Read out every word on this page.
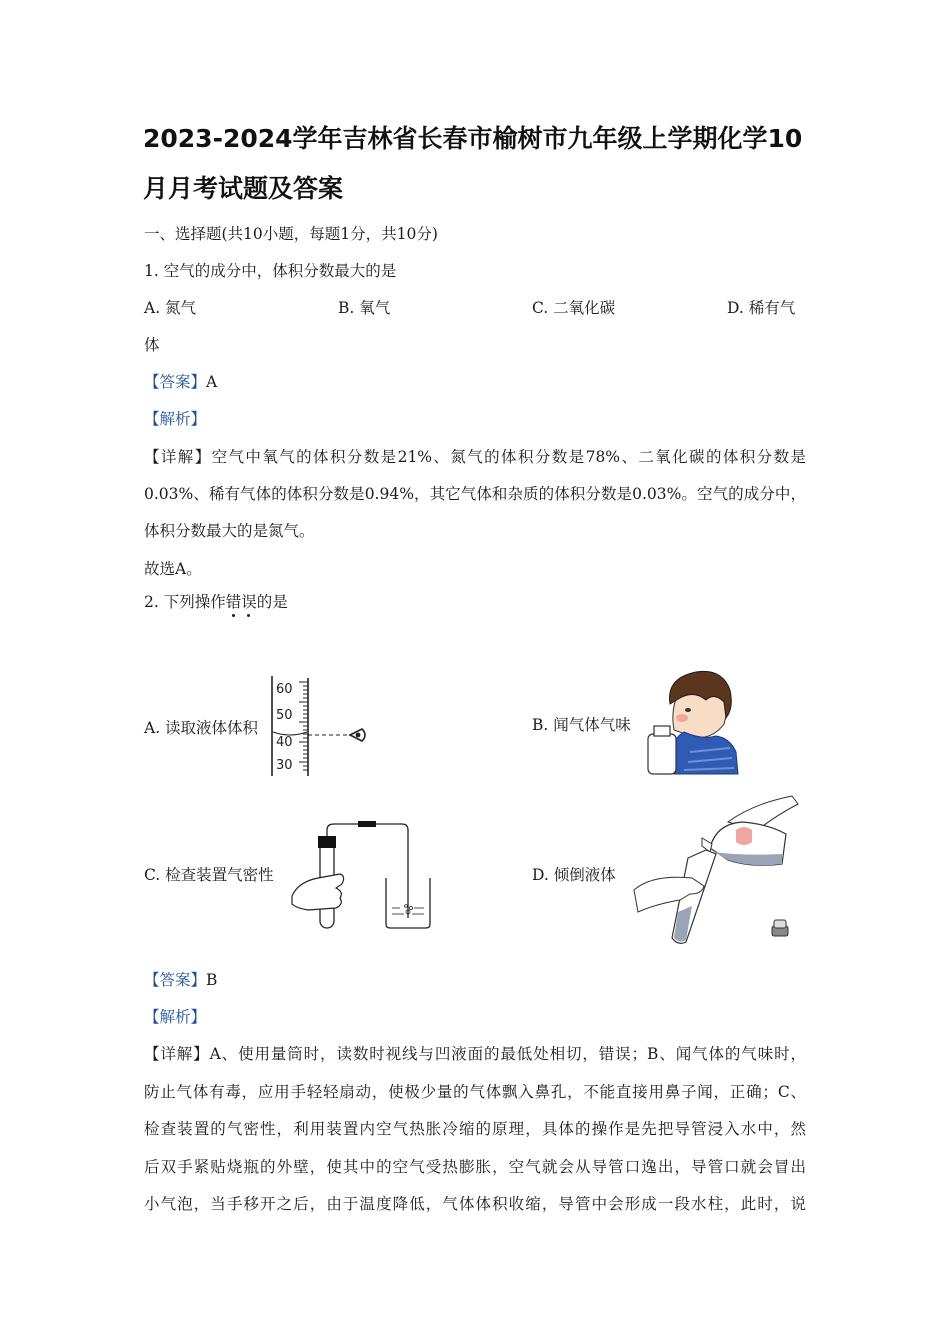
2023-2024学年吉林省长春市榆树市九年级上学期化学10
月月考试题及答案
一、选择题(共10小题，每题1分，共10分)
1. 空气的成分中，体积分数最大的是
A. 氮气	B. 氧气	C. 二氧化碳	D. 稀有气
体
【答案】A
【解析】
【详解】空气中氧气的体积分数是21%、氮气的体积分数是78%、二氧化碳的体积分数是
0.03%、稀有气体的体积分数是0.94%，其它气体和杂质的体积分数是0.03%。空气的成分中，
体积分数最大的是氮气。
故选A。
2. 下列操作错误的是
A. 读取液体体积	B. 闻气体气味
C. 检查装置气密性	D. 倾倒液体
60
50
40
30
【答案】B
【解析】
【详解】A、使用量筒时，读数时视线与凹液面的最低处相切，错误；B、闻气体的气味时，
防止气体有毒，应用手轻轻扇动，使极少量的气体飘入鼻孔，不能直接用鼻子闻，正确；C、
检查装置的气密性，利用装置内空气热胀冷缩的原理，具体的操作是先把导管浸入水中，然
后双手紧贴烧瓶的外壁，使其中的空气受热膨胀，空气就会从导管口逸出，导管口就会冒出
小气泡，当手移开之后，由于温度降低，气体体积收缩，导管中会形成一段水柱，此时，说
